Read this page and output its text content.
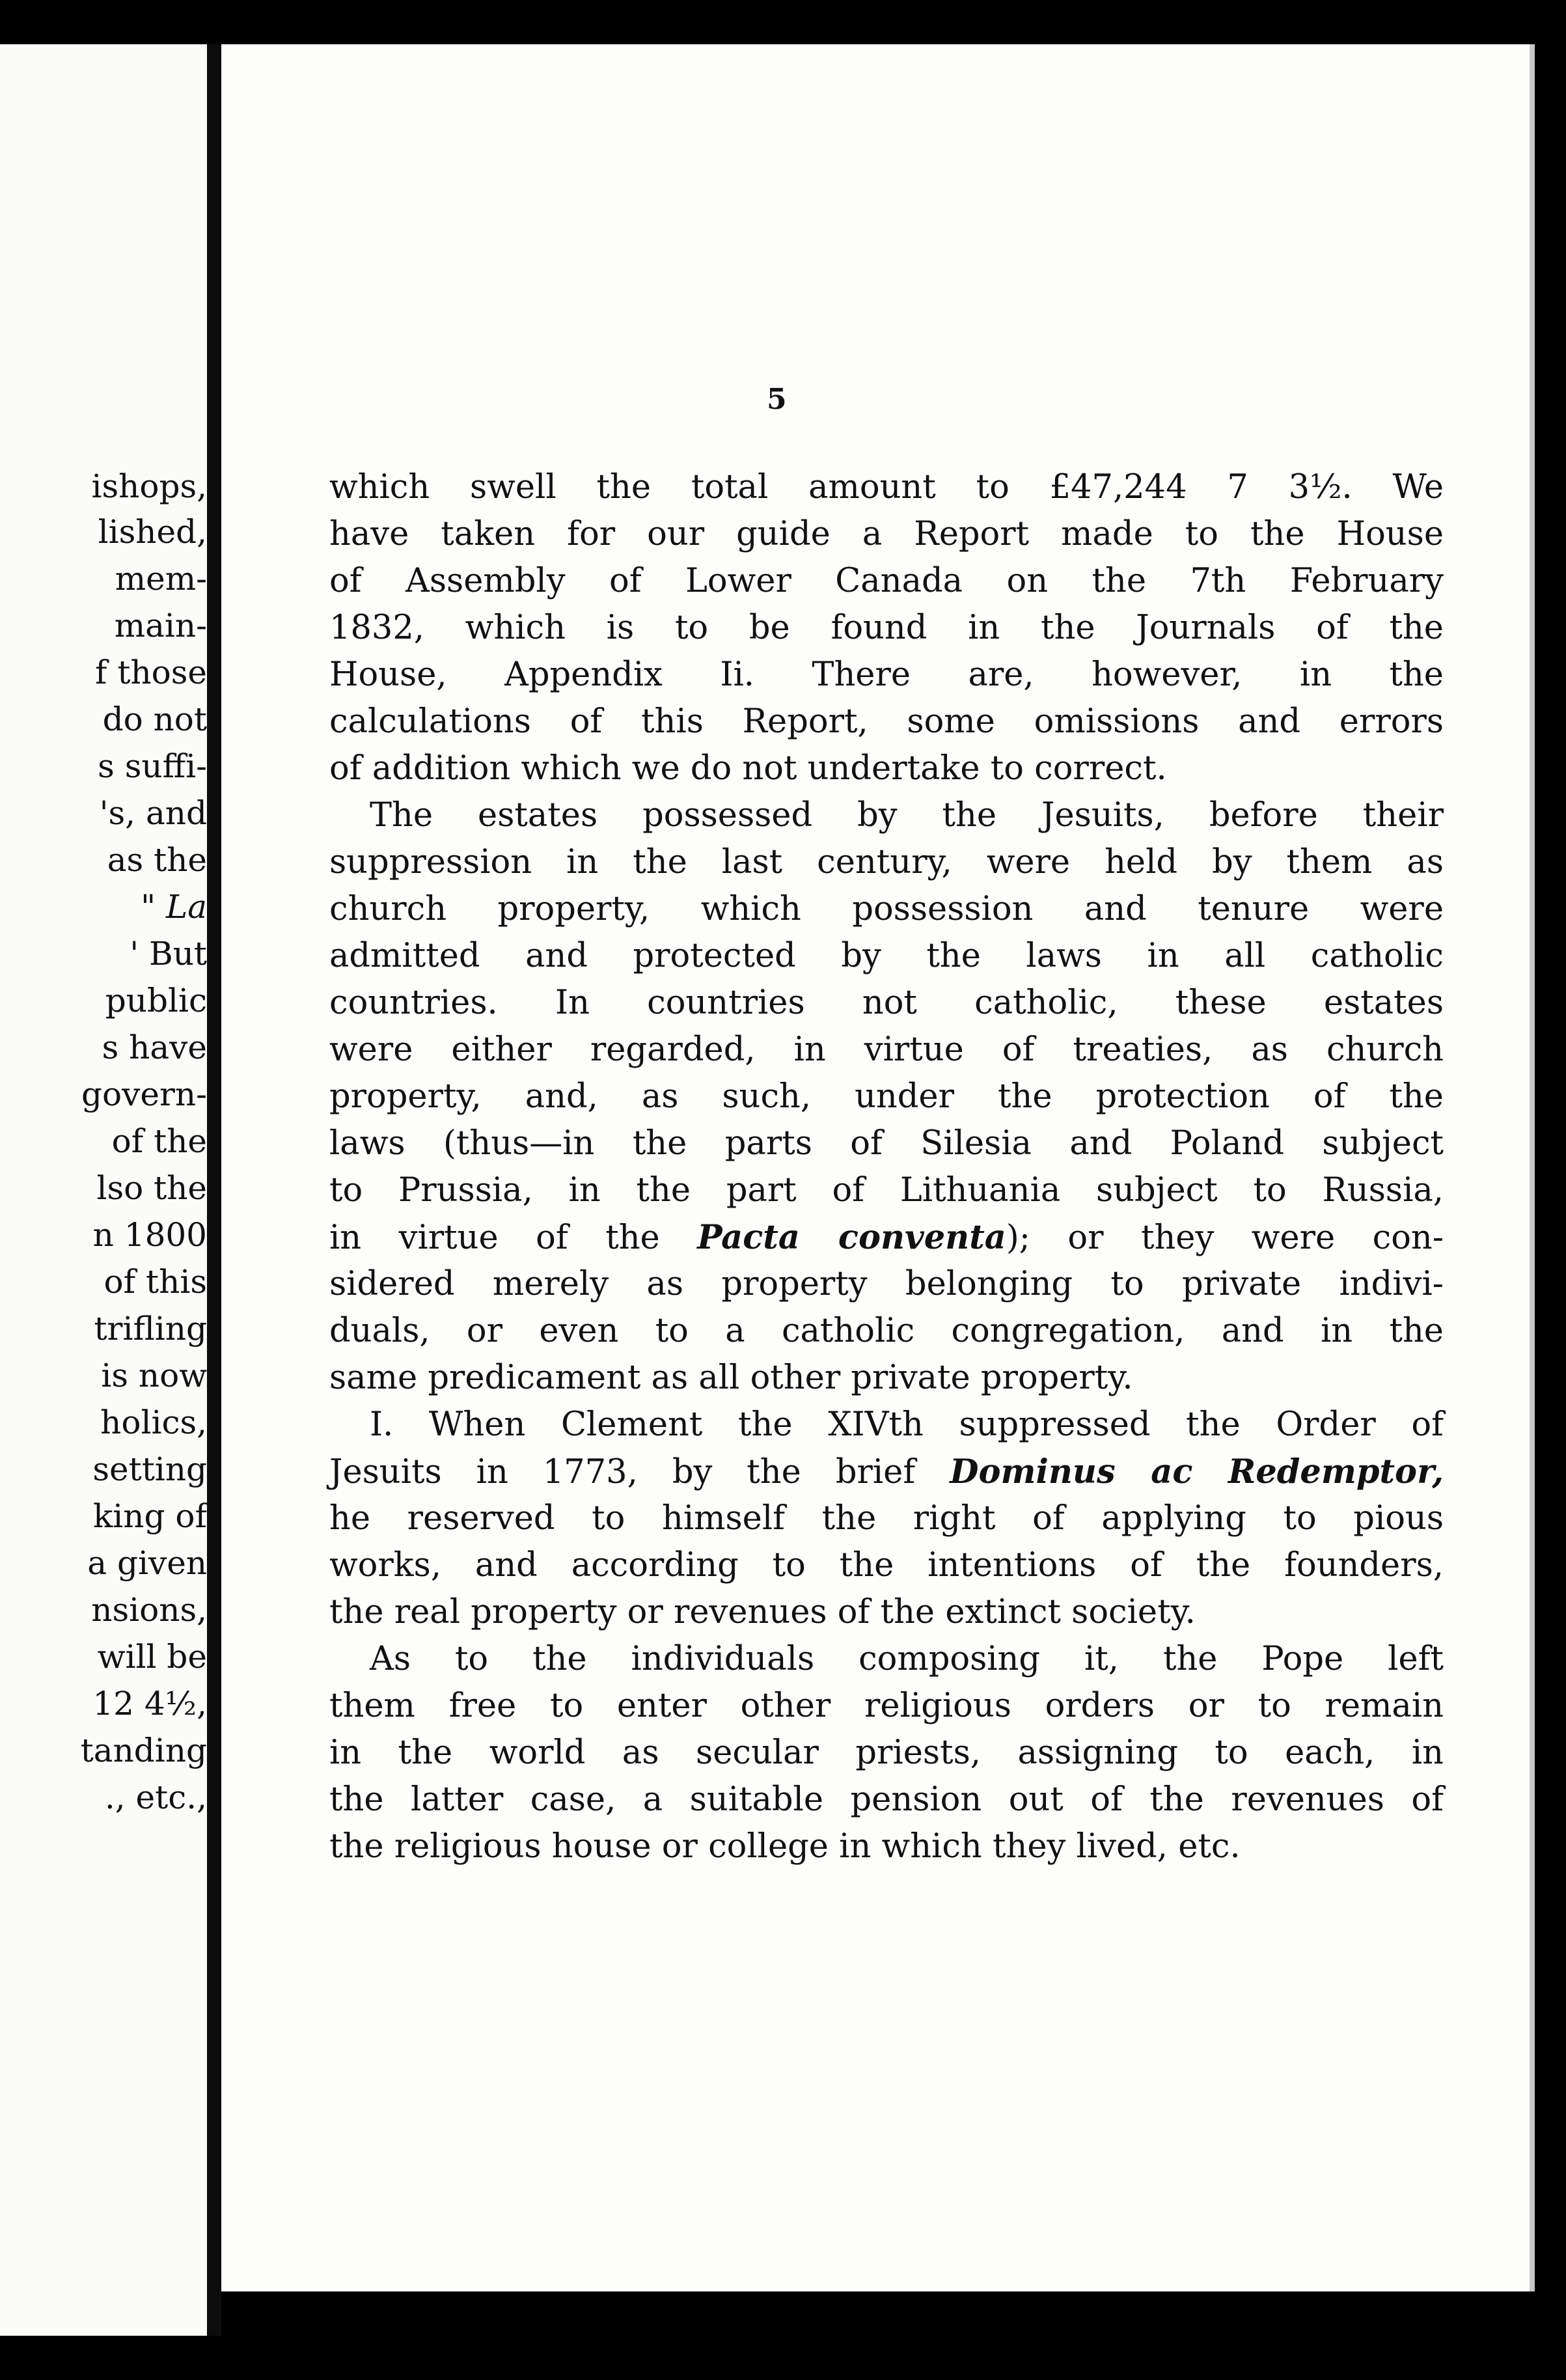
ishops,
lished,
mem-
main-
f those
do not
s suffi-
's, and
as the
" La
' But
public
s have
govern-
of the
lso the
n 1800
of this
trifling
is now
holics,
setting
king of
a given
nsions,
will be
12 4½,
tanding
., etc.,
5
which swell the total amount to £47,244 7 3½. We
have taken for our guide a Report made to the House
of Assembly of Lower Canada on the 7th February
1832, which is to be found in the Journals of the
House, Appendix Ii. There are, however, in the
calculations of this Report, some omissions and errors
of addition which we do not undertake to correct.
The estates possessed by the Jesuits, before their
suppression in the last century, were held by them as
church property, which possession and tenure were
admitted and protected by the laws in all catholic
countries. In countries not catholic, these estates
were either regarded, in virtue of treaties, as church
property, and, as such, under the protection of the
laws (thus—in the parts of Silesia and Poland subject
to Prussia, in the part of Lithuania subject to Russia,
in virtue of the Pacta conventa); or they were con-
sidered merely as property belonging to private indivi-
duals, or even to a catholic congregation, and in the
same predicament as all other private property.
I. When Clement the XIVth suppressed the Order of
Jesuits in 1773, by the brief Dominus ac Redemptor,
he reserved to himself the right of applying to pious
works, and according to the intentions of the founders,
the real property or revenues of the extinct society.
As to the individuals composing it, the Pope left
them free to enter other religious orders or to remain
in the world as secular priests, assigning to each, in
the latter case, a suitable pension out of the revenues of
the religious house or college in which they lived, etc.
